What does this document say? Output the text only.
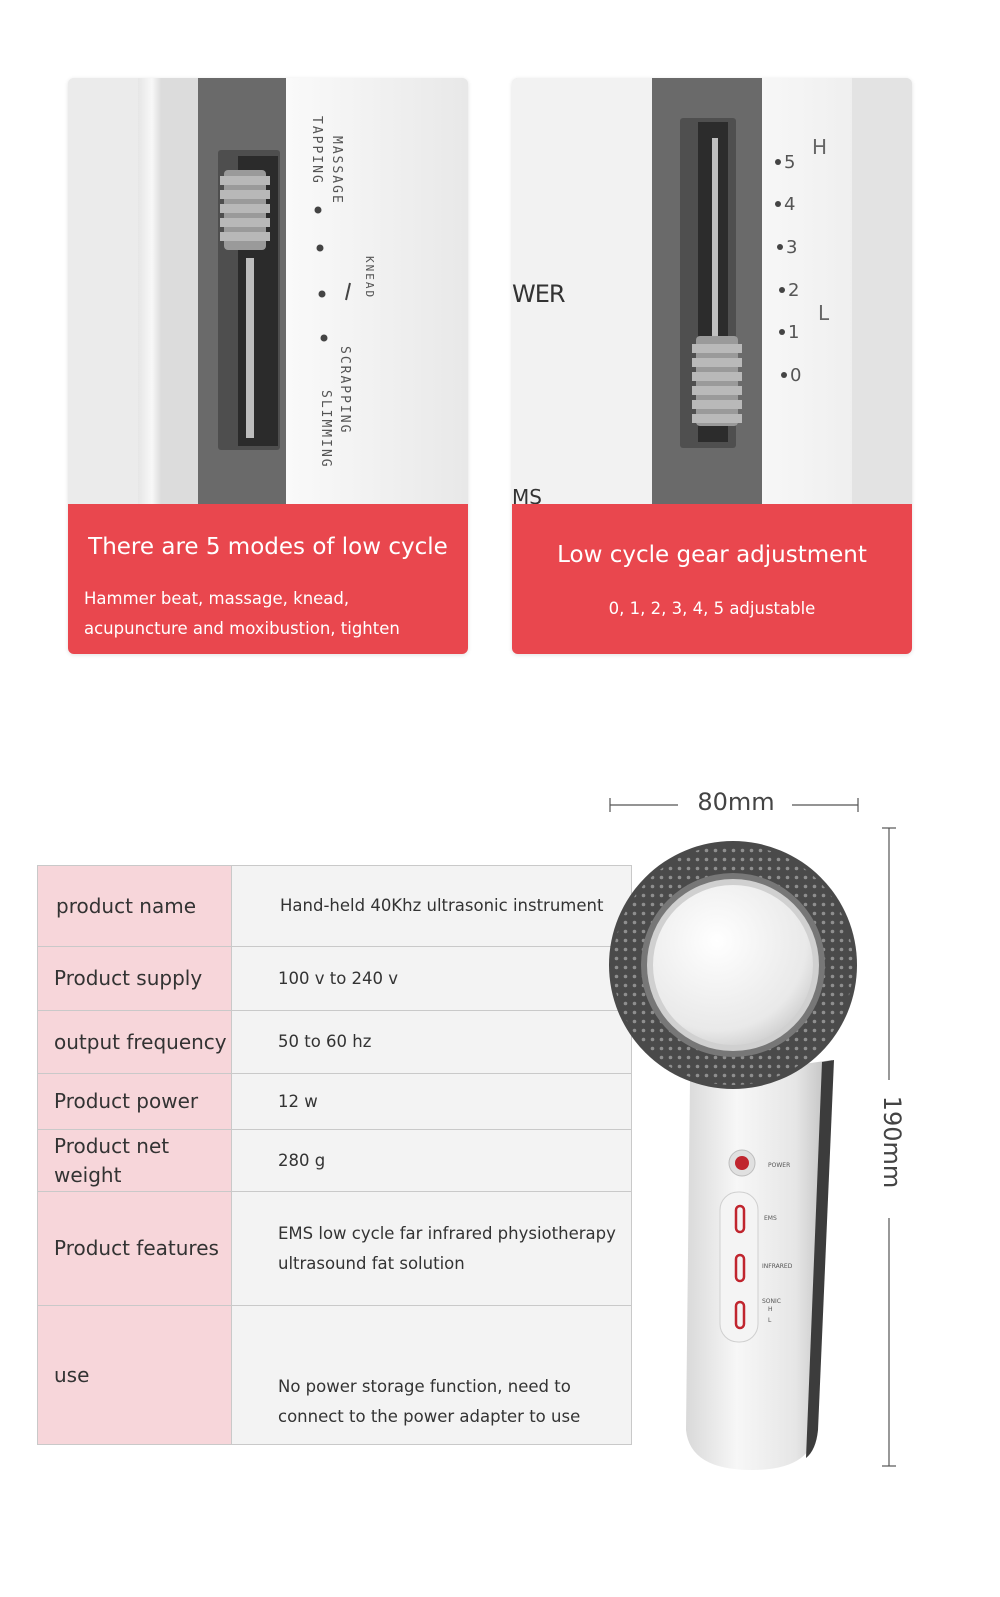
MASSAGE
TAPPING
KNEAD
SCRAPPING
SLIMMING
There are 5 modes of low cycle
Hammer beat, massage, knead, acupuncture and moxibustion, tighten
WER
MS
H
L
5
4
3
2
1
0
Low cycle gear adjustment
0, 1, 2, 3, 4, 5 adjustable
product name	Hand-held 40Khz ultrasonic instrument
Product supply	100 v to 240 v
output frequency	50 to 60 hz
Product power	12 w
Product net weight	280 g
Product features	EMS low cycle far infrared physiotherapy ultrasound fat solution
use	No power storage function, need to connect to the power adapter to use
POWER
EMS
INFRARED
SONIC
H
L
80mm
190mm
